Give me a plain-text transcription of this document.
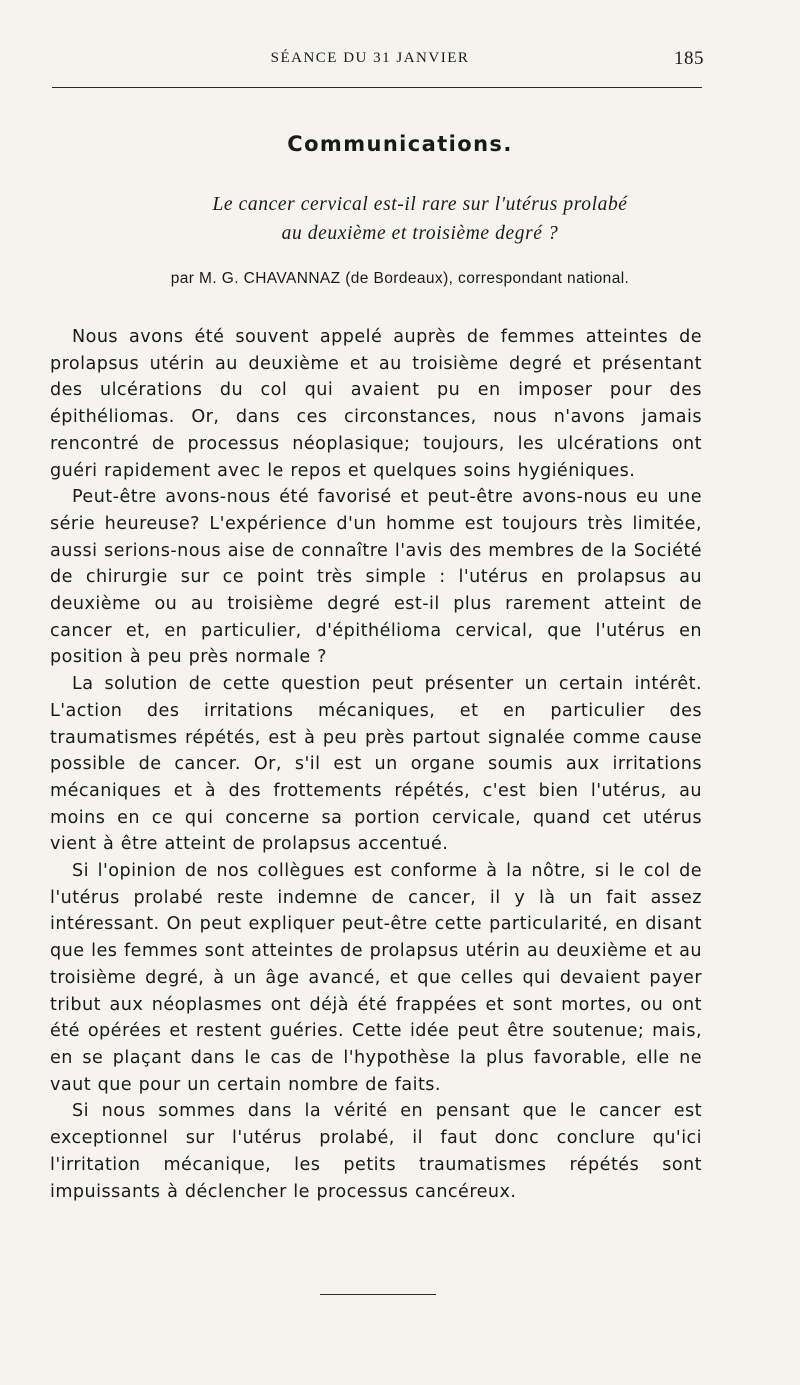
SÉANCE DU 31 JANVIER	185
Communications.
Le cancer cervical est-il rare sur l'utérus prolabé
au deuxième et troisième degré ?
par M. G. CHAVANNAZ (de Bordeaux), correspondant national.

Nous avons été souvent appelé auprès de femmes atteintes de prolapsus utérin au deuxième et au troisième degré et présentant des ulcérations du col qui avaient pu en imposer pour des épithéliomas. Or, dans ces circonstances, nous n'avons jamais rencontré de processus néoplasique; toujours, les ulcérations ont guéri rapidement avec le repos et quelques soins hygiéniques.

Peut-être avons-nous été favorisé et peut-être avons-nous eu une série heureuse? L'expérience d'un homme est toujours très limitée, aussi serions-nous aise de connaître l'avis des membres de la Société de chirurgie sur ce point très simple : l'utérus en prolapsus au deuxième ou au troisième degré est-il plus rarement atteint de cancer et, en particulier, d'épithélioma cervical, que l'utérus en position à peu près normale ?

La solution de cette question peut présenter un certain intérêt. L'action des irritations mécaniques, et en particulier des traumatismes répétés, est à peu près partout signalée comme cause possible de cancer. Or, s'il est un organe soumis aux irritations mécaniques et à des frottements répétés, c'est bien l'utérus, au moins en ce qui concerne sa portion cervicale, quand cet utérus vient à être atteint de prolapsus accentué.

Si l'opinion de nos collègues est conforme à la nôtre, si le col de l'utérus prolabé reste indemne de cancer, il y là un fait assez intéressant. On peut expliquer peut-être cette particularité, en disant que les femmes sont atteintes de prolapsus utérin au deuxième et au troisième degré, à un âge avancé, et que celles qui devaient payer tribut aux néoplasmes ont déjà été frappées et sont mortes, ou ont été opérées et restent guéries. Cette idée peut être soutenue; mais, en se plaçant dans le cas de l'hypothèse la plus favorable, elle ne vaut que pour un certain nombre de faits.

Si nous sommes dans la vérité en pensant que le cancer est exceptionnel sur l'utérus prolabé, il faut donc conclure qu'ici l'irritation mécanique, les petits traumatismes répétés sont impuissants à déclencher le processus cancéreux.
